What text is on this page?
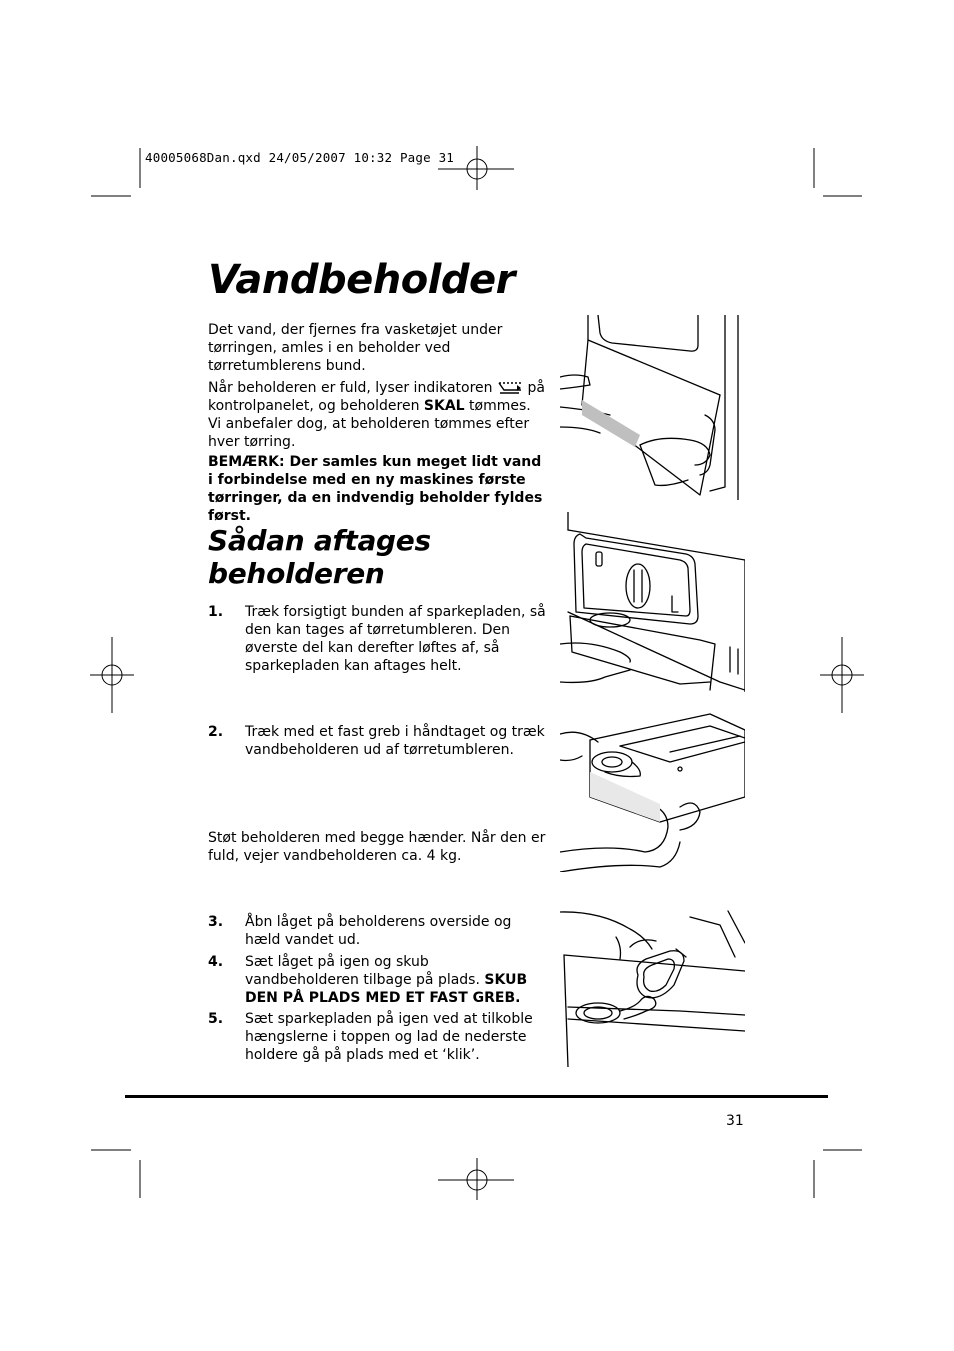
40005068Dan.qxd 24/05/2007 10:32 Page 31
Vandbeholder

Det vand, der fjernes fra vasketøjet under tørringen, amles i en beholder ved tørretumblerens bund.

Når beholderen er fuld, lyser indikatoren på kontrolpanelet, og beholderen SKAL tømmes. Vi anbefaler dog, at beholderen tømmes efter hver tørring.

BEMÆRK: Der samles kun meget lidt vand i forbindelse med en ny maskines første tørringer, da en indvendig beholder fyldes først.

Sådan aftages beholderen
1. Træk forsigtigt bunden af sparkepladen, så den kan tages af tørretumbleren. Den øverste del kan derefter løftes af, så sparkepladen kan aftages helt.
2. Træk med et fast greb i håndtaget og træk vandbeholderen ud af tørretumbleren.

Støt beholderen med begge hænder. Når den er fuld, vejer vandbeholderen ca. 4 kg.

3. Åbn låget på beholderens overside og hæld vandet ud.
4. Sæt låget på igen og skub vandbeholderen tilbage på plads. SKUB DEN PÅ PLADS MED ET FAST GREB.
5. Sæt sparkepladen på igen ved at tilkoble hængslerne i toppen og lad de nederste holdere gå på plads med et ‘klik’.
31
